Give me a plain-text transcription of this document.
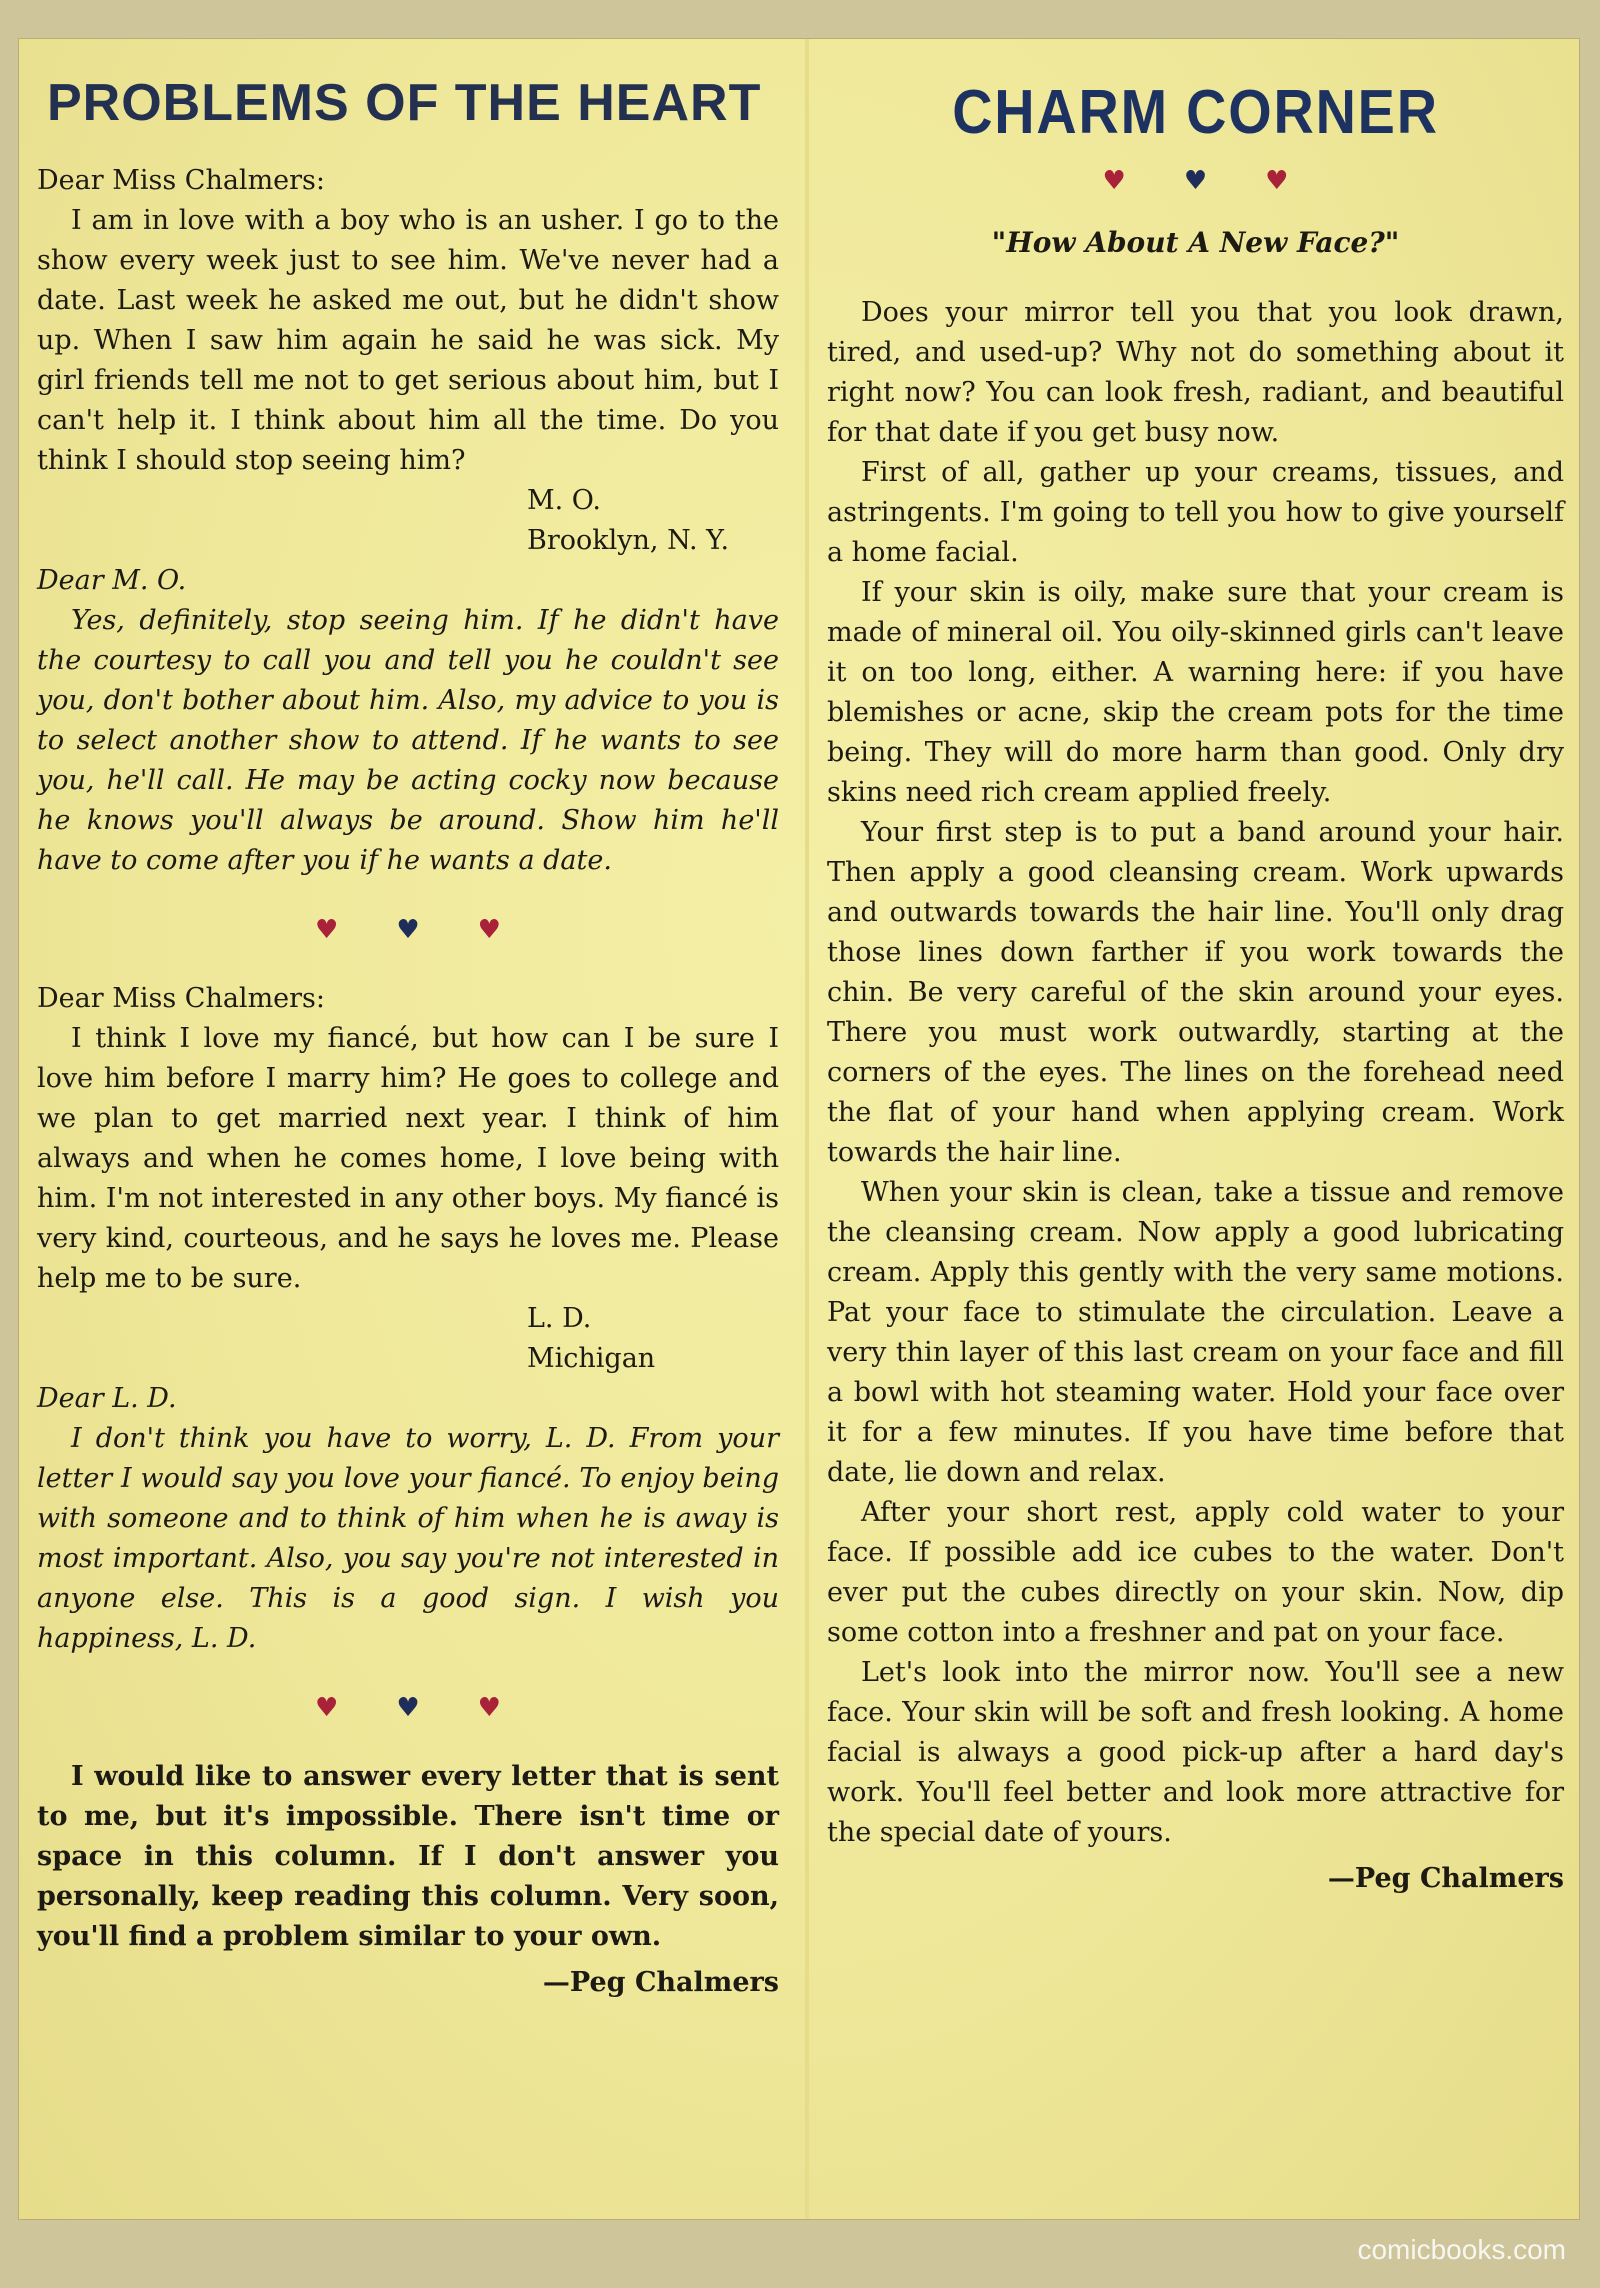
PROBLEMS OF THE HEART

Dear Miss Chalmers:

I am in love with a boy who is an usher. I go to the show every week just to see him. We've never had a date. Last week he asked me out, but he didn't show up. When I saw him again he said he was sick. My girl friends tell me not to get serious about him, but I can't help it. I think about him all the time. Do you think I should stop seeing him?

M. O.

Brooklyn, N. Y.

Dear M. O.

Yes, definitely, stop seeing him. If he didn't have the courtesy to call you and tell you he couldn't see you, don't bother about him. Also, my advice to you is to select another show to attend. If he wants to see you, he'll call. He may be acting cocky now because he knows you'll always be around. Show him he'll have to come after you if he wants a date.

♥♥♥

Dear Miss Chalmers:

I think I love my fiancé, but how can I be sure I love him before I marry him? He goes to college and we plan to get married next year. I think of him always and when he comes home, I love being with him. I'm not interested in any other boys. My fiancé is very kind, courteous, and he says he loves me. Please help me to be sure.

L. D.

Michigan

Dear L. D.

I don't think you have to worry, L. D. From your letter I would say you love your fiancé. To enjoy being with someone and to think of him when he is away is most important. Also, you say you're not interested in anyone else. This is a good sign. I wish you happiness, L. D.

♥♥♥

I would like to answer every letter that is sent to me, but it's impossible. There isn't time or space in this column. If I don't answer you personally, keep reading this column. Very soon, you'll find a problem similar to your own.

—Peg Chalmers

CHARM CORNER
♥♥♥
"How About A New Face?"

Does your mirror tell you that you look drawn, tired, and used-up? Why not do something about it right now? You can look fresh, radiant, and beautiful for that date if you get busy now.

First of all, gather up your creams, tissues, and astringents. I'm going to tell you how to give yourself a home facial.

If your skin is oily, make sure that your cream is made of mineral oil. You oily-skinned girls can't leave it on too long, either. A warning here: if you have blemishes or acne, skip the cream pots for the time being. They will do more harm than good. Only dry skins need rich cream applied freely.

Your first step is to put a band around your hair. Then apply a good cleansing cream. Work upwards and outwards towards the hair line. You'll only drag those lines down farther if you work towards the chin. Be very careful of the skin around your eyes. There you must work outwardly, starting at the corners of the eyes. The lines on the forehead need the flat of your hand when applying cream. Work towards the hair line.

When your skin is clean, take a tissue and remove the cleansing cream. Now apply a good lubricating cream. Apply this gently with the very same motions. Pat your face to stimulate the circulation. Leave a very thin layer of this last cream on your face and fill a bowl with hot steaming water. Hold your face over it for a few minutes. If you have time before that date, lie down and relax.

After your short rest, apply cold water to your face. If possible add ice cubes to the water. Don't ever put the cubes directly on your skin. Now, dip some cotton into a freshner and pat on your face.

Let's look into the mirror now. You'll see a new face. Your skin will be soft and fresh looking. A home facial is always a good pick-up after a hard day's work. You'll feel better and look more attractive for the special date of yours.

—Peg Chalmers

comicbooks.com
